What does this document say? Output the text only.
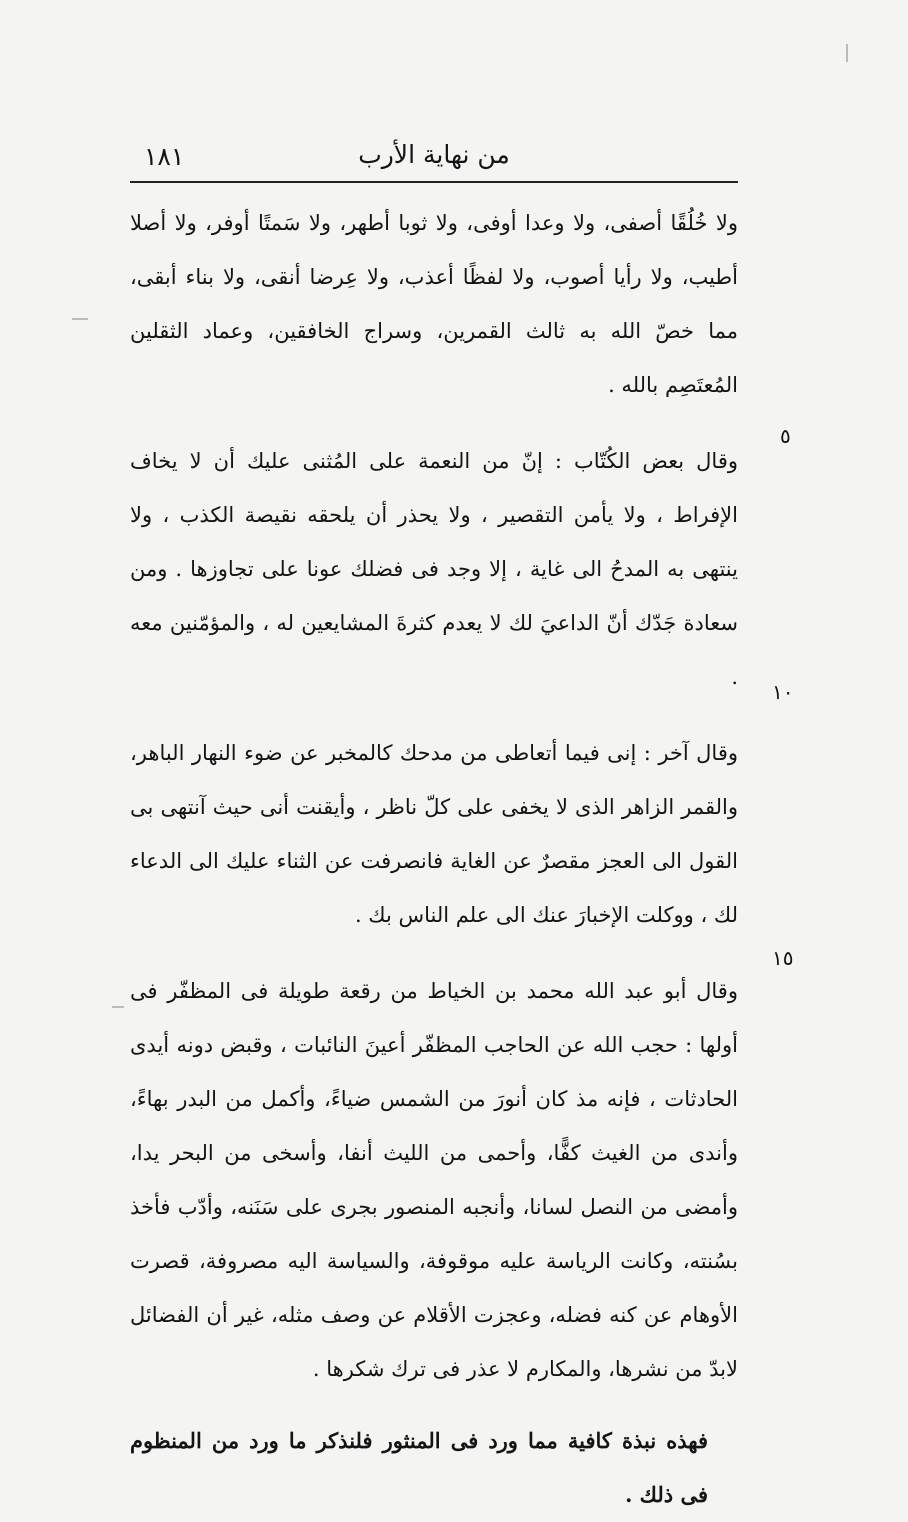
١٨١	من نهاية الأرب

ولا خُلُقًا أصفى، ولا وعدا أوفى، ولا ثوبا أطهر، ولا سَمتًا أوفر، ولا أصلا أطيب، ولا رأيا أصوب، ولا لفظًا أعذب، ولا عِرضا أنقى، ولا بناء أبقى، مما خصّ الله به ثالث القمرين، وسراج الخافقين، وعماد الثقلين المُعتَصِم بالله .

وقال بعض الكُتّاب : إنّ من النعمة على المُثنى عليك أن لا يخاف الإفراط ، ولا يأمن التقصير ، ولا يحذر أن يلحقه نقيصة الكذب ، ولا ينتهى به المدحُ الى غاية ، إلا وجد فى فضلك عونا على تجاوزها . ومن سعادة جَدّك أنّ الداعيَ لك لا يعدم كثرةَ المشايعين له ، والمؤمّنين معه .

وقال آخر : إنى فيما أتعاطى من مدحك كالمخبر عن ضوء النهار الباهر، والقمر الزاهر الذى لا يخفى على كلّ ناظر ، وأيقنت أنى حيث آنتهى بى القول الى العجز مقصرٌ عن الغاية فانصرفت عن الثناء عليك الى الدعاء لك ، ووكلت الإخبارَ عنك الى علم الناس بك .

وقال أبو عبد الله محمد بن الخياط من رقعة طويلة فى المظفّر فى أولها : حجب الله عن الحاجب المظفّر أعينَ النائبات ، وقبض دونه أيدى الحادثات ، فإنه مذ كان أنورَ من الشمس ضياءً، وأكمل من البدر بهاءً، وأندى من الغيث كفًّا، وأحمى من الليث أنفا، وأسخى من البحر يدا، وأمضى من النصل لسانا، وأنجبه المنصور بجرى على سَنَنه، وأدّب فأخذ بسُنته، وكانت الرياسة عليه موقوفة، والسياسة اليه مصروفة، قصرت الأوهام عن كنه فضله، وعجزت الأقلام عن وصف مثله، غير أن الفضائل لابدّ من نشرها، والمكارم لا عذر فى ترك شكرها .

فهذه نبذة كافية مما ورد فى المنثور فلنذكر ما ورد من المنظوم فى ذلك .

٥
١٠
١٥
